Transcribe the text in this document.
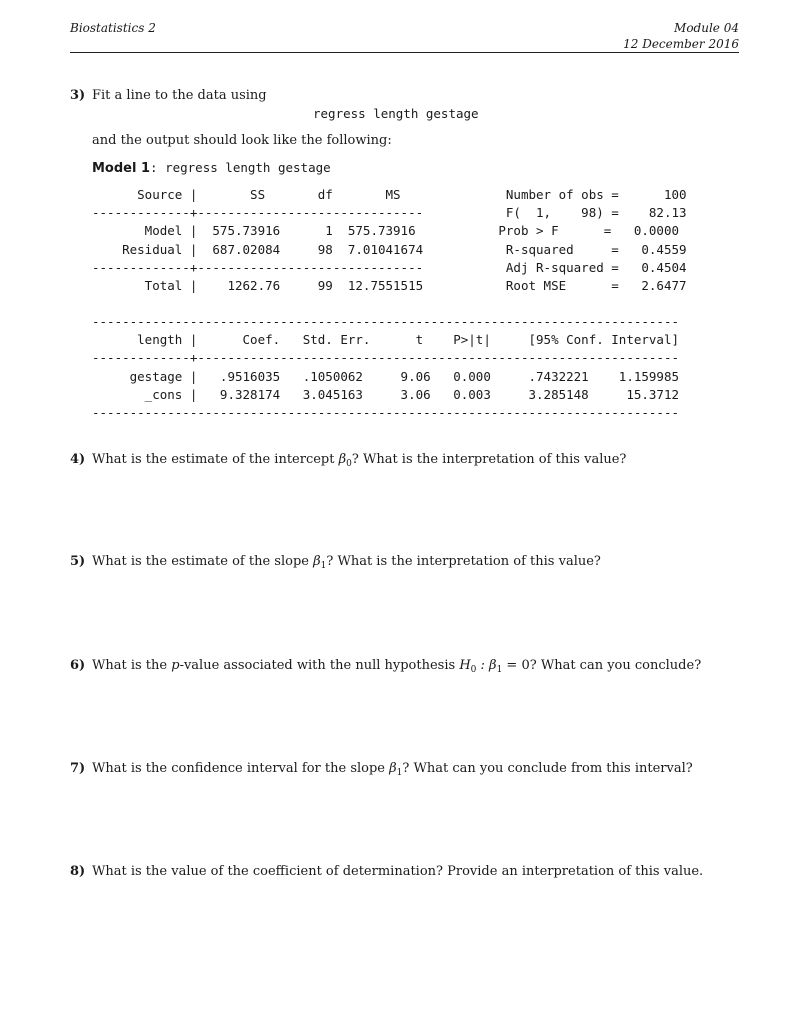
Biostatistics 2	Module 04
12 December 2016
3) Fit a line to the data using
regress length gestage
and the output should look like the following:
Model 1: regress length gestage
Source |       SS       df       MS              Number of obs =      100
-------------+------------------------------           F(  1,    98) =    82.13
Model |  575.73916      1  575.73916           Prob > F      =   0.0000
Residual |  687.02084     98  7.01041674           R-squared     =   0.4559
-------------+------------------------------           Adj R-squared =   0.4504
Total |    1262.76     99  12.7551515           Root MSE      =   2.6477
------------------------------------------------------------------------------
length |      Coef.   Std. Err.      t    P>|t|     [95% Conf. Interval]
-------------+----------------------------------------------------------------
gestage |   .9516035   .1050062     9.06   0.000     .7432221    1.159985
_cons |   9.328174   3.045163     3.06   0.003     3.285148     15.3712
------------------------------------------------------------------------------
4) What is the estimate of the intercept $\beta_0$? What is the interpretation of this value?
5) What is the estimate of the slope $\beta_1$? What is the interpretation of this value?
6) What is the p-value associated with the null hypothesis $H_0$ : $\beta_1 = 0$? What can you conclude?
7) What is the confidence interval for the slope $\beta_1$? What can you conclude from this interval?
8) What is the value of the coefficient of determination? Provide an interpretation of this value.
